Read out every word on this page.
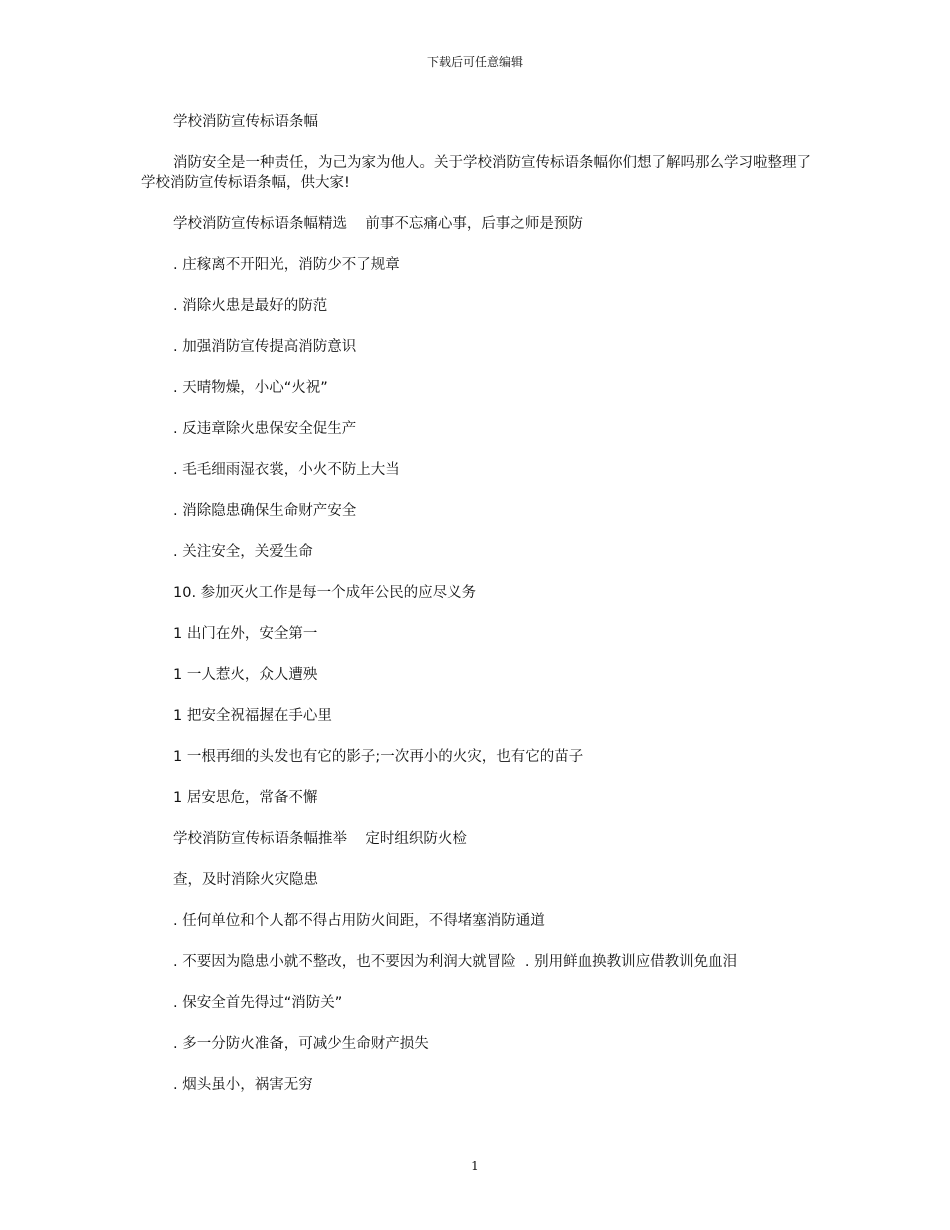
下载后可任意编辑

学校消防宣传标语条幅

消防安全是一种责任，为己为家为他人。关于学校消防宣传标语条幅你们想了解吗那么学习啦整理了学校消防宣传标语条幅，供大家!

学校消防宣传标语条幅精选    前事不忘痛心事，后事之师是预防

. 庄稼离不开阳光，消防少不了规章

. 消除火患是最好的防范

. 加强消防宣传提高消防意识

. 天晴物燥，小心“火祝”

. 反违章除火患保安全促生产

. 毛毛细雨湿衣裳，小火不防上大当

. 消除隐患确保生命财产安全

. 关注安全，关爱生命

10. 参加灭火工作是每一个成年公民的应尽义务

1 出门在外，安全第一

1 一人惹火，众人遭殃

1 把安全祝福握在手心里

1 一根再细的头发也有它的影子;一次再小的火灾，也有它的苗子

1 居安思危，常备不懈

学校消防宣传标语条幅推举    定时组织防火检

查，及时消除火灾隐患

. 任何单位和个人都不得占用防火间距，不得堵塞消防通道

. 不要因为隐患小就不整改，也不要因为利润大就冒险  . 别用鲜血换教训应借教训免血泪

. 保安全首先得过“消防关”

. 多一分防火准备，可减少生命财产损失

. 烟头虽小，祸害无穷

1
